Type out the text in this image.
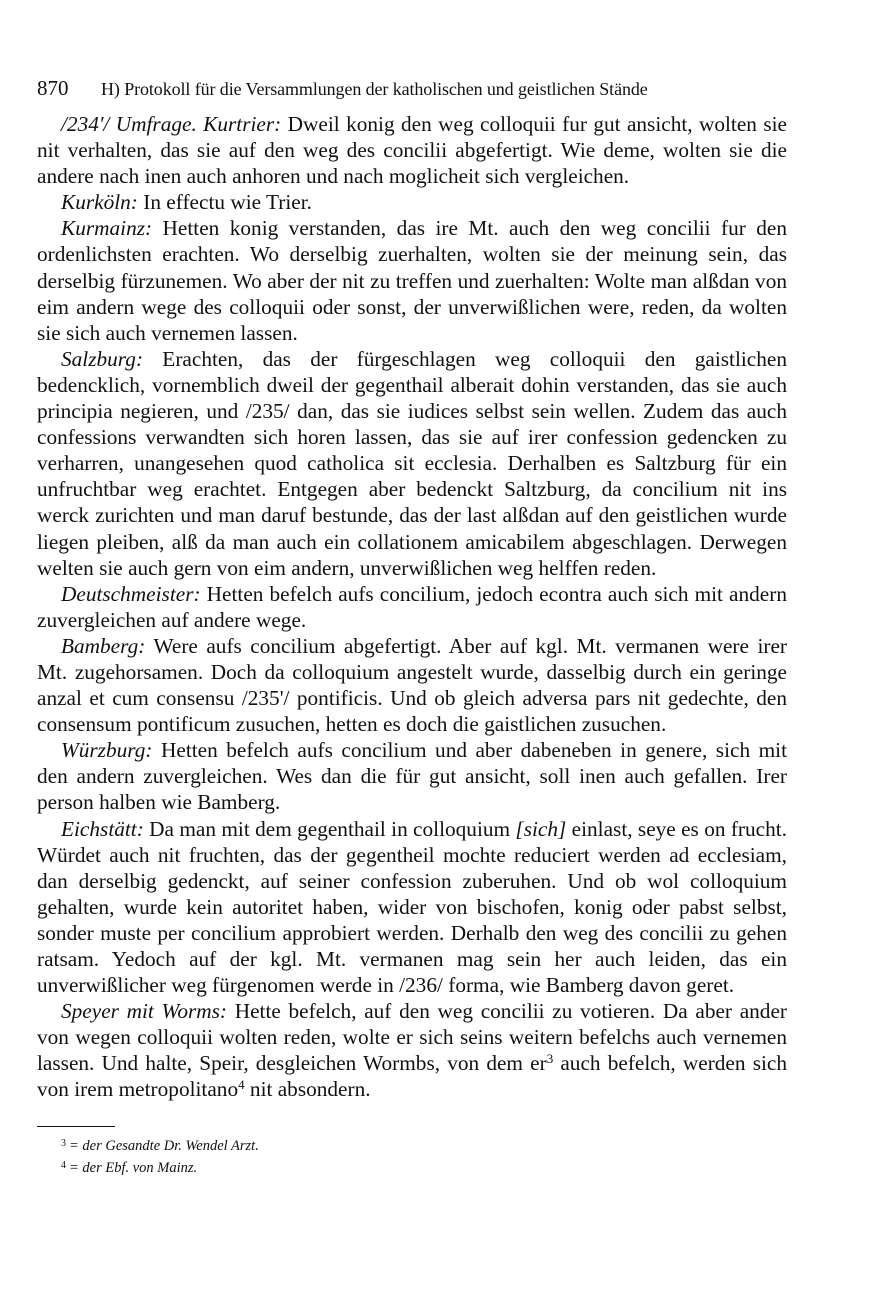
870	H) Protokoll für die Versammlungen der katholischen und geistlichen Stände

/234'/ Umfrage. Kurtrier: Dweil konig den weg colloquii fur gut ansicht, wolten sie nit verhalten, das sie auf den weg des concilii abgefertigt. Wie deme, wolten sie die andere nach inen auch anhoren und nach moglicheit sich vergleichen.

Kurköln: In effectu wie Trier.

Kurmainz: Hetten konig verstanden, das ire Mt. auch den weg concilii fur den ordenlichsten erachten. Wo derselbig zuerhalten, wolten sie der meinung sein, das derselbig fürzunemen. Wo aber der nit zu treffen und zuerhalten: Wolte man alßdan von eim andern wege des colloquii oder sonst, der unverwißlichen were, reden, da wolten sie sich auch vernemen lassen.

Salzburg: Erachten, das der fürgeschlagen weg colloquii den gaistlichen bedencklich, vornemblich dweil der gegenthail alberait dohin verstanden, das sie auch principia negieren, und /235/ dan, das sie iudices selbst sein wellen. Zudem das auch confessions verwandten sich horen lassen, das sie auf irer confession gedencken zu verharren, unangesehen quod catholica sit ecclesia. Derhalben es Saltzburg für ein unfruchtbar weg erachtet. Entgegen aber bedenckt Saltzburg, da concilium nit ins werck zurichten und man daruf bestunde, das der last alßdan auf den geistlichen wurde liegen pleiben, alß da man auch ein collationem amicabilem abgeschlagen. Derwegen welten sie auch gern von eim andern, unverwißlichen weg helffen reden.

Deutschmeister: Hetten befelch aufs concilium, jedoch econtra auch sich mit andern zuvergleichen auf andere wege.

Bamberg: Were aufs concilium abgefertigt. Aber auf kgl. Mt. vermanen were irer Mt. zugehorsamen. Doch da colloquium angestelt wurde, dasselbig durch ein geringe anzal et cum consensu /235'/ pontificis. Und ob gleich adversa pars nit gedechte, den consensum pontificum zusuchen, hetten es doch die gaistlichen zusuchen.

Würzburg: Hetten befelch aufs concilium und aber dabeneben in genere, sich mit den andern zuvergleichen. Wes dan die für gut ansicht, soll inen auch gefallen. Irer person halben wie Bamberg.

Eichstätt: Da man mit dem gegenthail in colloquium [sich] einlast, seye es on frucht. Würdet auch nit fruchten, das der gegentheil mochte reduciert werden ad ecclesiam, dan derselbig gedenckt, auf seiner confession zuberuhen. Und ob wol colloquium gehalten, wurde kein autoritet haben, wider von bischofen, konig oder pabst selbst, sonder muste per concilium approbiert werden. Derhalb den weg des concilii zu gehen ratsam. Yedoch auf der kgl. Mt. vermanen mag sein her auch leiden, das ein unverwißlicher weg fürgenomen werde in /236/ forma, wie Bamberg davon geret.

Speyer mit Worms: Hette befelch, auf den weg concilii zu votieren. Da aber ander von wegen colloquii wolten reden, wolte er sich seins weitern befelchs auch vernemen lassen. Und halte, Speir, desgleichen Wormbs, von dem $er^3$ auch befelch, werden sich von irem metropolitano$^4$ nit absondern.

$^3$ = der Gesandte Dr. Wendel Arzt.

$^4$ = der Ebf. von Mainz.
